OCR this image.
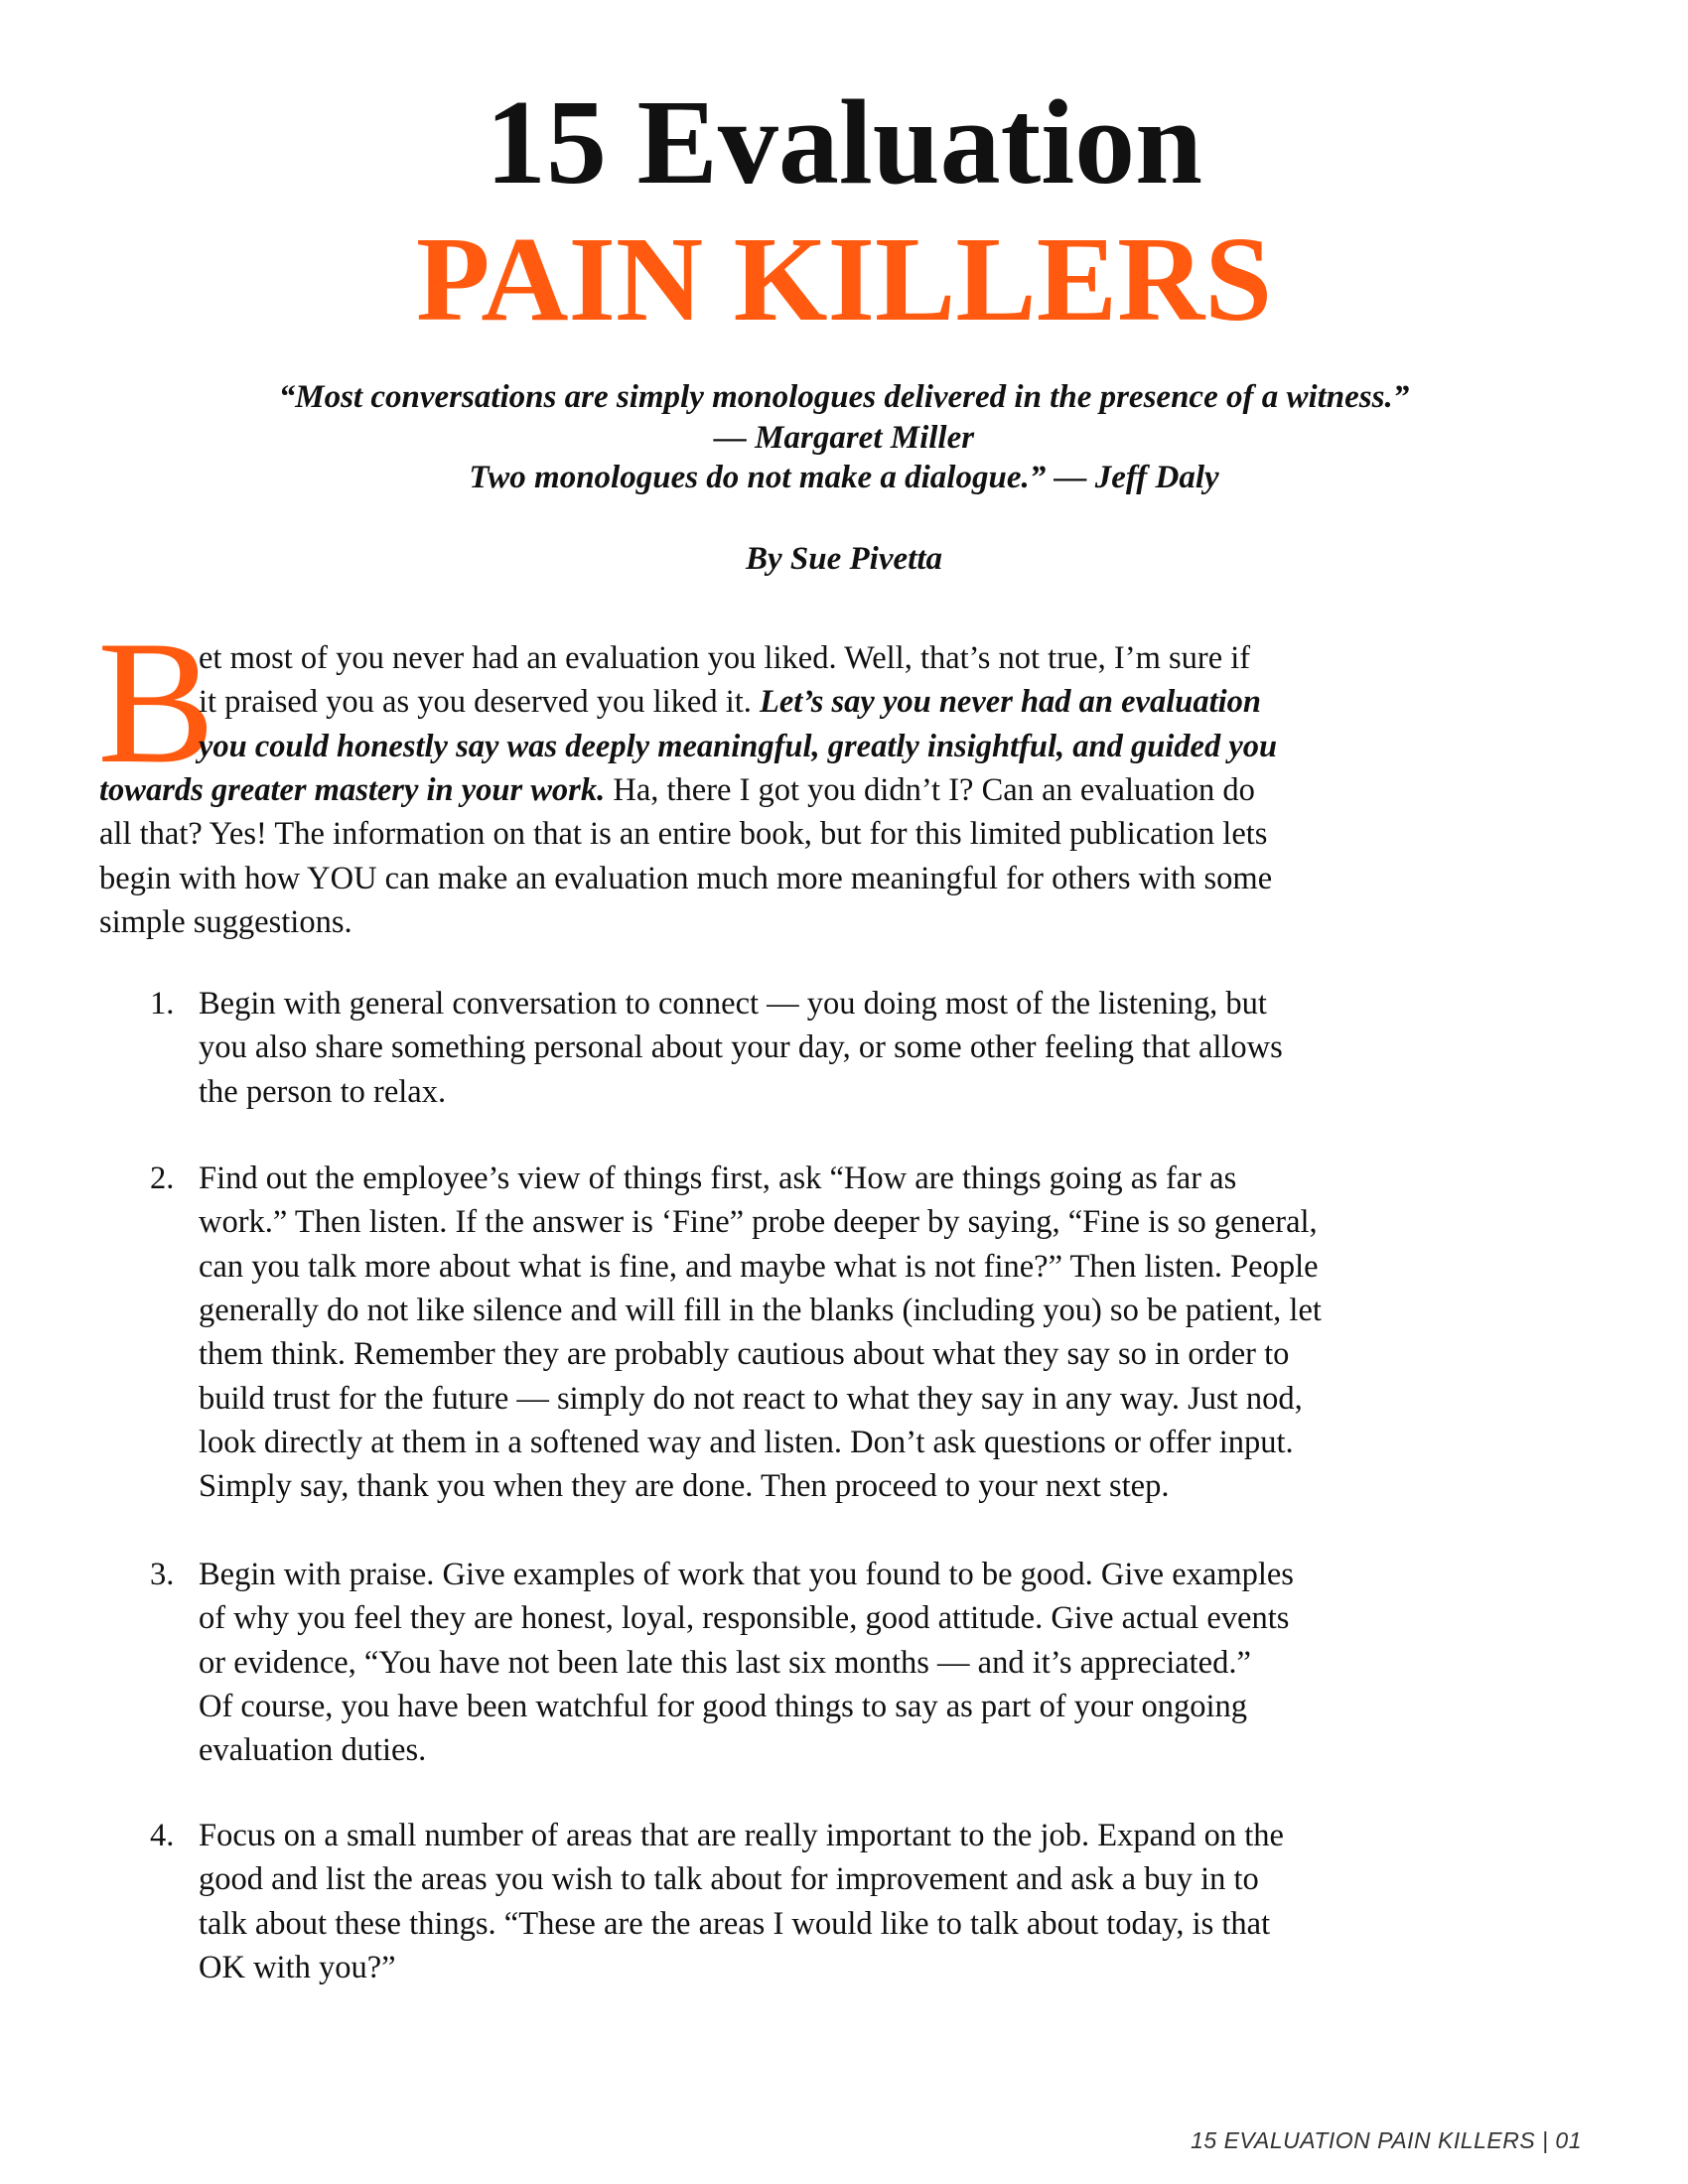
15 Evaluation
PAIN KILLERS

“Most conversations are simply monologues delivered in the presence of a witness.”

— Margaret Miller

Two monologues do not make a dialogue.” — Jeff Daly

By Sue Pivetta

B

et most of you never had an evaluation you liked. Well, that’s not true, I’m sure if

it praised you as you deserved you liked it. Let’s say you never had an evaluation

you could honestly say was deeply meaningful, greatly insightful, and guided you

towards greater mastery in your work. Ha, there I got you didn’t I? Can an evaluation do

all that? Yes! The information on that is an entire book, but for this limited publication lets

begin with how YOU can make an evaluation much more meaningful for others with some

simple suggestions.

1. Begin with general conversation to connect — you doing most of the listening, but

you also share something personal about your day, or some other feeling that allows

the person to relax.

2. Find out the employee’s view of things first, ask “How are things going as far as

work.” Then listen. If the answer is ‘Fine” probe deeper by saying, “Fine is so general,

can you talk more about what is fine, and maybe what is not fine?” Then listen. People

generally do not like silence and will fill in the blanks (including you) so be patient, let

them think. Remember they are probably cautious about what they say so in order to

build trust for the future — simply do not react to what they say in any way. Just nod,

look directly at them in a softened way and listen. Don’t ask questions or offer input.

Simply say, thank you when they are done. Then proceed to your next step.

3. Begin with praise. Give examples of work that you found to be good. Give examples

of why you feel they are honest, loyal, responsible, good attitude. Give actual events

or evidence, “You have not been late this last six months — and it’s appreciated.”

Of course, you have been watchful for good things to say as part of your ongoing

evaluation duties.

4. Focus on a small number of areas that are really important to the job. Expand on the

good and list the areas you wish to talk about for improvement and ask a buy in to

talk about these things. “These are the areas I would like to talk about today, is that

OK with you?”

15 EVALUATION PAIN KILLERS | 01
